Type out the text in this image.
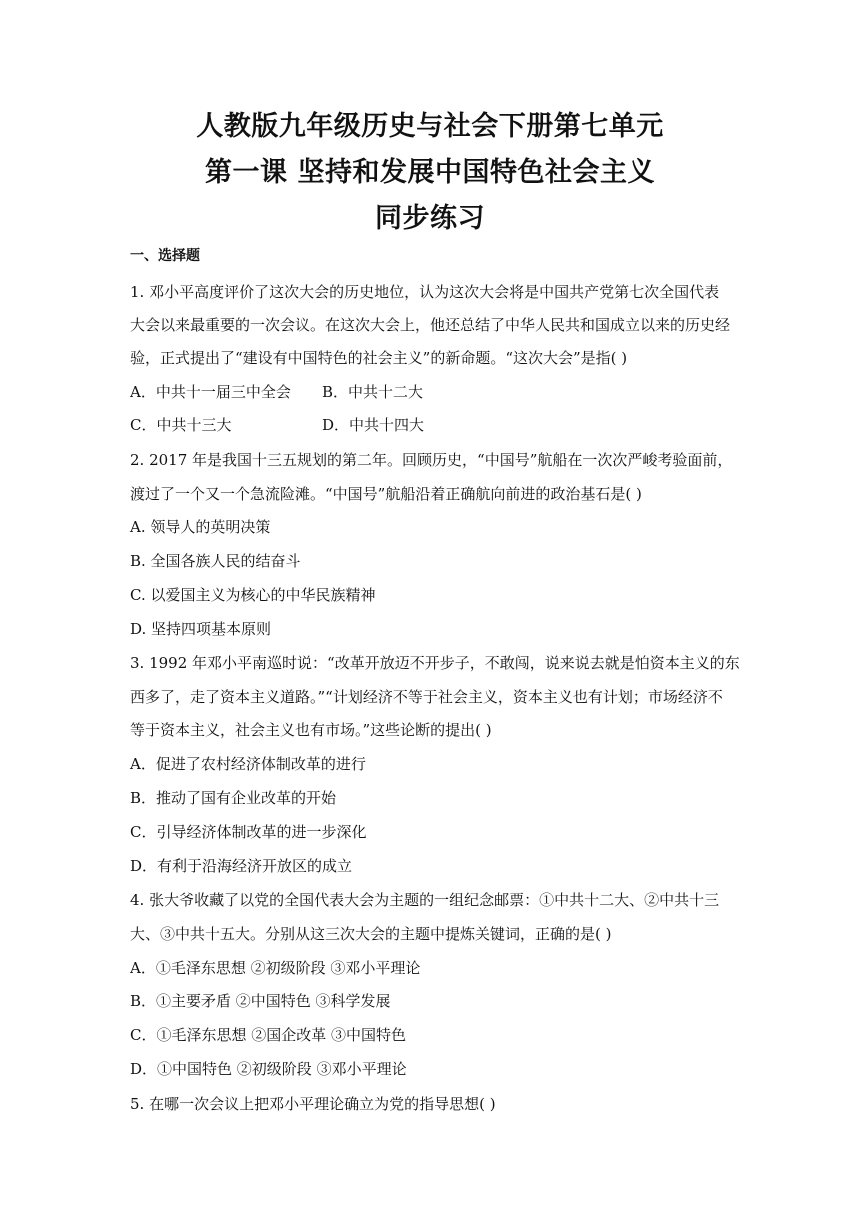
人教版九年级历史与社会下册第七单元
第一课 坚持和发展中国特色社会主义
同步练习
一、选择题
1. 邓小平高度评价了这次大会的历史地位，认为这次大会将是中国共产党第七次全国代表
大会以来最重要的一次会议。在这次大会上，他还总结了中华人民共和国成立以来的历史经
验，正式提出了“建设有中国特色的社会主义”的新命题。“这次大会”是指( )
A．中共十一届三中全会 B．中共十二大
C．中共十三大	D．中共十四大
2. 2017 年是我国十三五规划的第二年。回顾历史，“中国号”航船在一次次严峻考验面前，
渡过了一个又一个急流险滩。“中国号”航船沿着正确航向前进的政治基石是( )
A. 领导人的英明决策
B. 全国各族人民的结奋斗
C. 以爱国主义为核心的中华民族精神
D. 坚持四项基本原则
3. 1992 年邓小平南巡时说：“改革开放迈不开步子，不敢闯，说来说去就是怕资本主义的东
西多了，走了资本主义道路。”“计划经济不等于社会主义，资本主义也有计划；市场经济不
等于资本主义，社会主义也有市场。”这些论断的提出( )
A．促进了农村经济体制改革的进行
B．推动了国有企业改革的开始
C．引导经济体制改革的进一步深化
D．有利于沿海经济开放区的成立
4. 张大爷收藏了以党的全国代表大会为主题的一组纪念邮票：①中共十二大、②中共十三
大、③中共十五大。分别从这三次大会的主题中提炼关键词，正确的是( )
A．①毛泽东思想 ②初级阶段 ③邓小平理论
B．①主要矛盾 ②中国特色 ③科学发展
C．①毛泽东思想 ②国企改革 ③中国特色
D．①中国特色 ②初级阶段 ③邓小平理论
5. 在哪一次会议上把邓小平理论确立为党的指导思想( )
